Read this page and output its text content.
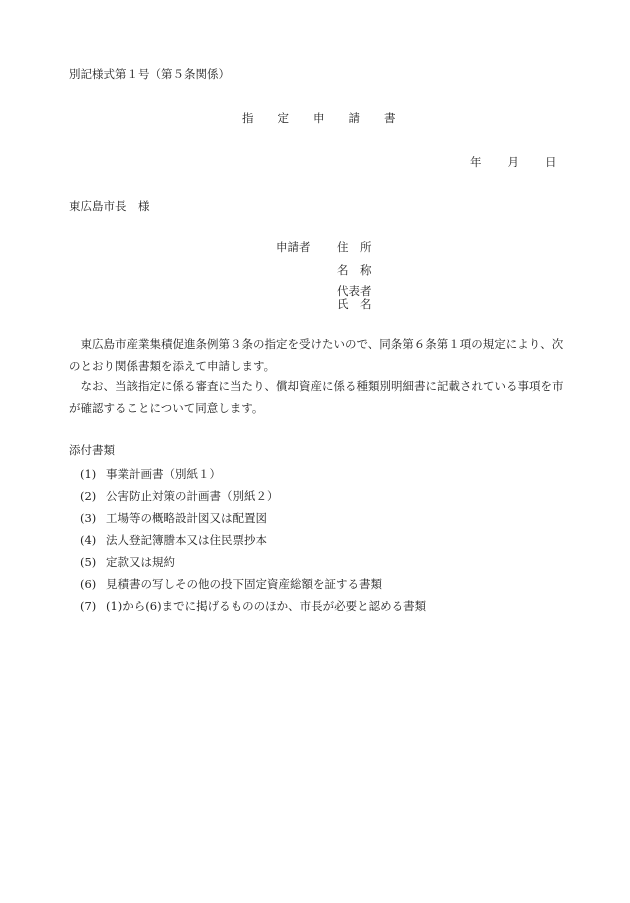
別記様式第１号（第５条関係）
指 定 申 請 書
年 月 日
東広島市長　様
申請者 住　所
名　称
代表者
氏　名
　東広島市産業集積促進条例第３条の指定を受けたいので、同条第６条第１項の規定により、次のとおり関係書類を添えて申請します。
　なお、当該指定に係る審査に当たり、償却資産に係る種類別明細書に記載されている事項を市が確認することについて同意します。
添付書類
(1) 事業計画書（別紙１）
(2) 公害防止対策の計画書（別紙２）
(3) 工場等の概略設計図又は配置図
(4) 法人登記簿謄本又は住民票抄本
(5) 定款又は規約
(6) 見積書の写しその他の投下固定資産総額を証する書類
(7) (1)から(6)までに掲げるもののほか、市長が必要と認める書類
